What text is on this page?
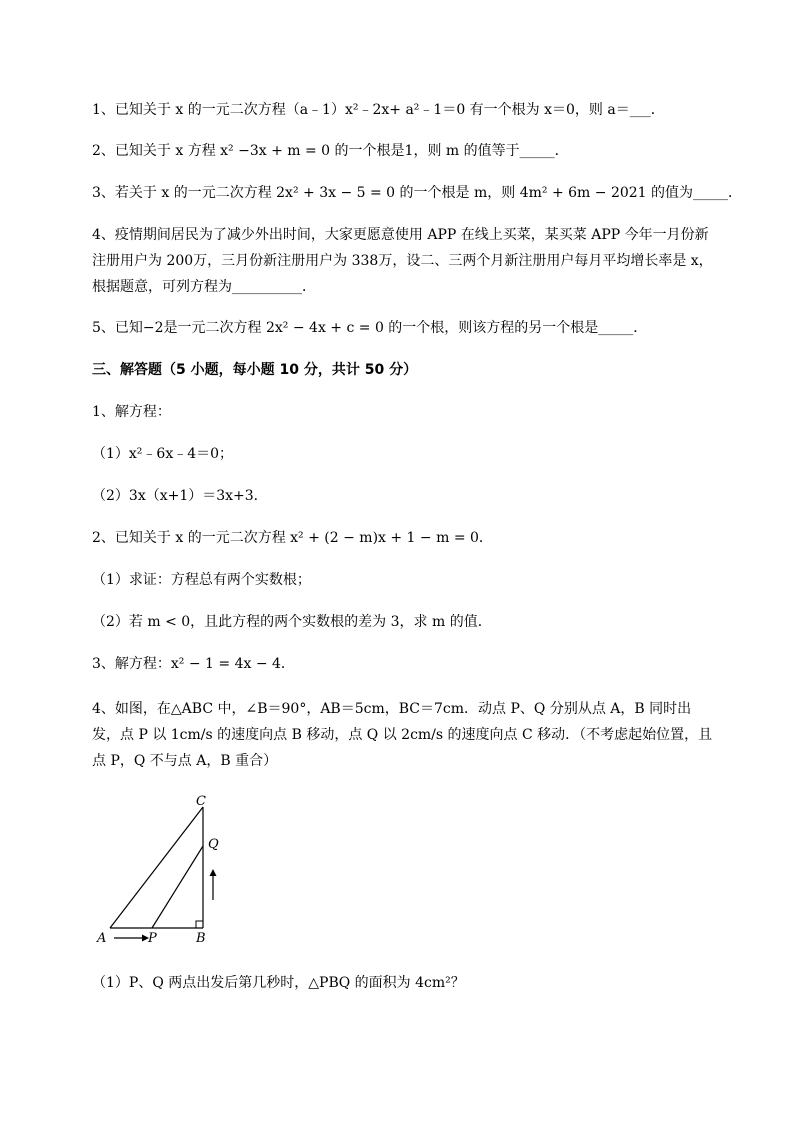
1、已知关于 x 的一元二次方程（a﹣1）x²﹣2x+ a²﹣1＝0 有一个根为 x＝0，则 a＝___．
2、已知关于 x 方程 x² −3x + m = 0 的一个根是1，则 m 的值等于_____．
3、若关于 x 的一元二次方程 2x² + 3x − 5 = 0 的一个根是 m，则 4m² + 6m − 2021 的值为_____．
4、疫情期间居民为了减少外出时间，大家更愿意使用 APP 在线上买菜，某买菜 APP 今年一月份新注册用户为 200万，三月份新注册用户为 338万，设二、三两个月新注册用户每月平均增长率是 x，根据题意，可列方程为__________．
5、已知−2是一元二次方程 2x² − 4x + c = 0 的一个根，则该方程的另一个根是_____．
三、解答题（5 小题，每小题 10 分，共计 50 分）
1、解方程：
（1）x²﹣6x﹣4＝0；
（2）3x（x+1）＝3x+3．
2、已知关于 x 的一元二次方程 x² + (2 − m)x + 1 − m = 0．
（1）求证：方程总有两个实数根；
（2）若 m < 0，且此方程的两个实数根的差为 3，求 m 的值．
3、解方程：x² − 1 = 4x − 4．
4、如图，在△ABC 中，∠B＝90°，AB＝5cm，BC＝7cm．动点 P、Q 分别从点 A，B 同时出发，点 P 以 1cm/s 的速度向点 B 移动，点 Q 以 2cm/s 的速度向点 C 移动．（不考虑起始位置，且点 P，Q 不与点 A，B 重合）
C
Q
A	P	B
（1）P、Q 两点出发后第几秒时，△PBQ 的面积为 4cm²？
